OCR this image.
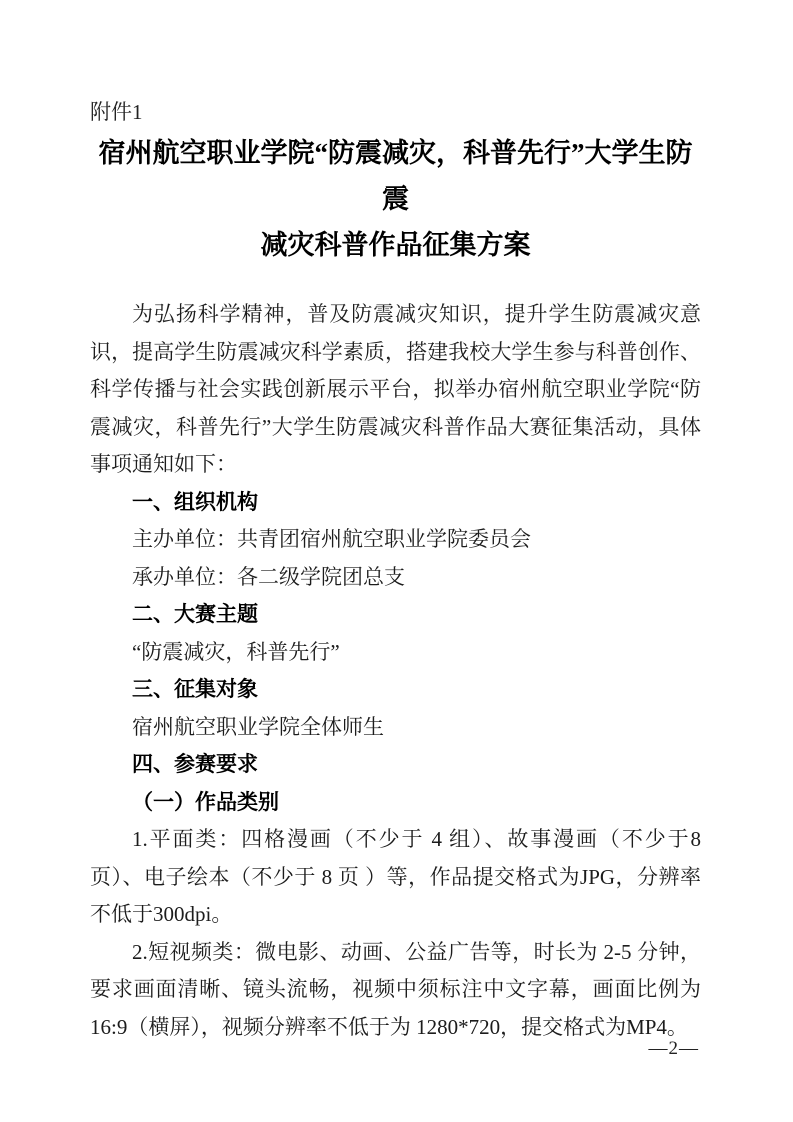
附件1
宿州航空职业学院“防震减灾，科普先行”大学生防震
减灾科普作品征集方案

为弘扬科学精神，普及防震减灾知识，提升学生防震减灾意识，提高学生防震减灾科学素质，搭建我校大学生参与科普创作、科学传播与社会实践创新展示平台，拟举办宿州航空职业学院“防震减灾，科普先行”大学生防震减灾科普作品大赛征集活动，具体事项通知如下：

一、组织机构

主办单位：共青团宿州航空职业学院委员会

承办单位：各二级学院团总支

二、大赛主题

“防震减灾，科普先行”

三、征集对象

宿州航空职业学院全体师生

四、参赛要求

（一）作品类别

1.平面类：四格漫画（不少于 4 组）、故事漫画（不少于8页）、电子绘本（不少于 8 页 ）等，作品提交格式为JPG，分辨率不低于300dpi。

2.短视频类：微电影、动画、公益广告等，时长为 2-5 分钟，要求画面清晰、镜头流畅，视频中须标注中文字幕，画面比例为16:9（横屏），视频分辨率不低于为 1280*720，提交格式为MP4。

—2—
